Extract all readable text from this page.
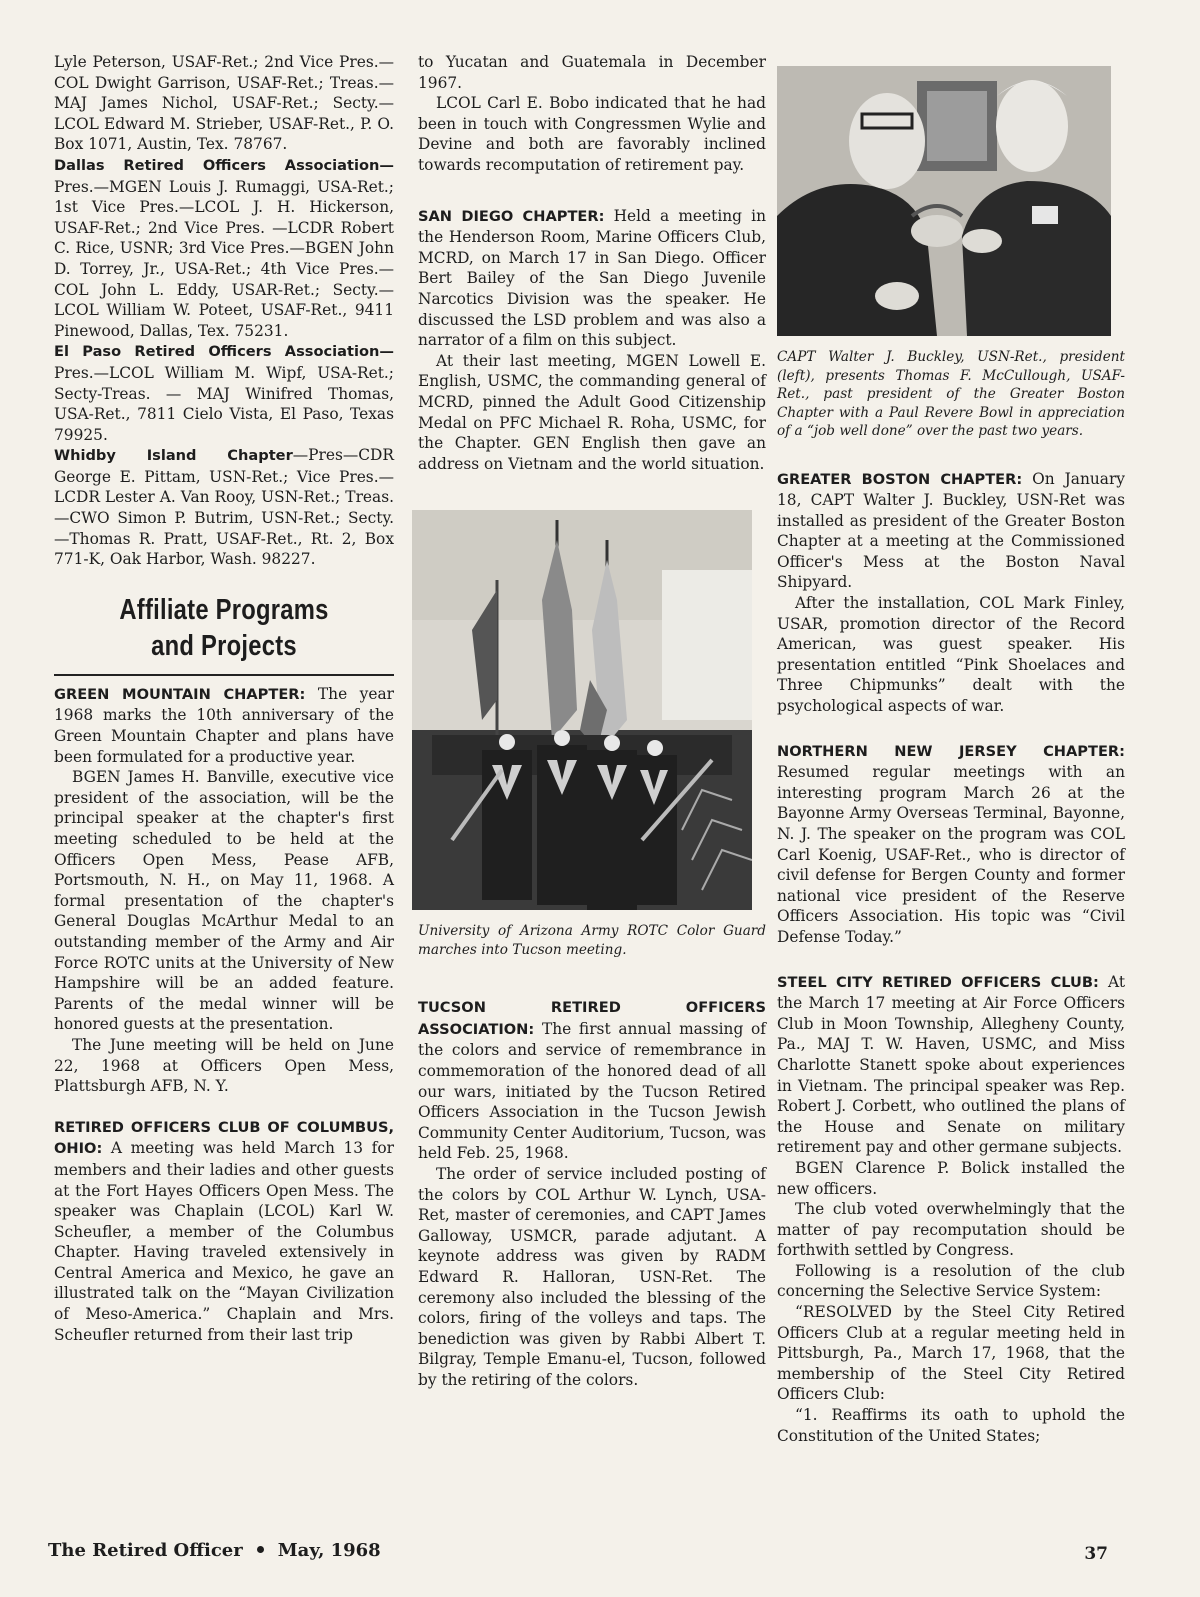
Lyle Peterson, USAF-Ret.; 2nd Vice Pres.—COL Dwight Garrison, USAF-Ret.; Treas.—MAJ James Nichol, USAF-Ret.; Secty.—LCOL Edward M. Strieber, USAF-Ret., P. O. Box 1071, Austin, Tex. 78767.

Dallas Retired Officers Association— Pres.—MGEN Louis J. Rumaggi, USA-Ret.; 1st Vice Pres.—LCOL J. H. Hickerson, USAF-Ret.; 2nd Vice Pres. —LCDR Robert C. Rice, USNR; 3rd Vice Pres.—BGEN John D. Torrey, Jr., USA-Ret.; 4th Vice Pres.—COL John L. Eddy, USAR-Ret.; Secty.—LCOL William W. Poteet, USAF-Ret., 9411 Pinewood, Dallas, Tex. 75231.

El Paso Retired Officers Association— Pres.—LCOL William M. Wipf, USA-Ret.; Secty-Treas. — MAJ Winifred Thomas, USA-Ret., 7811 Cielo Vista, El Paso, Texas 79925.

Whidby Island Chapter—Pres—CDR George E. Pittam, USN-Ret.; Vice Pres.—LCDR Lester A. Van Rooy, USN-Ret.; Treas.—CWO Simon P. Butrim, USN-Ret.; Secty.—Thomas R. Pratt, USAF-Ret., Rt. 2, Box 771-K, Oak Harbor, Wash. 98227.

Affiliate Programs
and Projects

GREEN MOUNTAIN CHAPTER: The year 1968 marks the 10th anniversary of the Green Mountain Chapter and plans have been formulated for a productive year.

BGEN James H. Banville, executive vice president of the association, will be the principal speaker at the chapter's first meeting scheduled to be held at the Officers Open Mess, Pease AFB, Portsmouth, N. H., on May 11, 1968. A formal presentation of the chapter's General Douglas McArthur Medal to an outstanding member of the Army and Air Force ROTC units at the University of New Hampshire will be an added feature. Parents of the medal winner will be honored guests at the presentation.

The June meeting will be held on June 22, 1968 at Officers Open Mess, Plattsburgh AFB, N. Y.

RETIRED OFFICERS CLUB OF COLUMBUS, OHIO: A meeting was held March 13 for members and their ladies and other guests at the Fort Hayes Officers Open Mess. The speaker was Chaplain (LCOL) Karl W. Scheufler, a member of the Columbus Chapter. Having traveled extensively in Central America and Mexico, he gave an illustrated talk on the “Mayan Civilization of Meso-America.” Chaplain and Mrs. Scheufler returned from their last trip

to Yucatan and Guatemala in December 1967.

LCOL Carl E. Bobo indicated that he had been in touch with Congressmen Wylie and Devine and both are favorably inclined towards recomputation of retirement pay.

SAN DIEGO CHAPTER: Held a meeting in the Henderson Room, Marine Officers Club, MCRD, on March 17 in San Diego. Officer Bert Bailey of the San Diego Juvenile Narcotics Division was the speaker. He discussed the LSD problem and was also a narrator of a film on this subject.

At their last meeting, MGEN Lowell E. English, USMC, the commanding general of MCRD, pinned the Adult Good Citizenship Medal on PFC Michael R. Roha, USMC, for the Chapter. GEN English then gave an address on Vietnam and the world situation.

University of Arizona Army ROTC Color Guard marches into Tucson meeting.

TUCSON RETIRED OFFICERS ASSOCIATION: The first annual massing of the colors and service of remembrance in commemoration of the honored dead of all our wars, initiated by the Tucson Retired Officers Association in the Tucson Jewish Community Center Auditorium, Tucson, was held Feb. 25, 1968.

The order of service included posting of the colors by COL Arthur W. Lynch, USA-Ret, master of ceremonies, and CAPT James Galloway, USMCR, parade adjutant. A keynote address was given by RADM Edward R. Halloran, USN-Ret. The ceremony also included the blessing of the colors, firing of the volleys and taps. The benediction was given by Rabbi Albert T. Bilgray, Temple Emanu-el, Tucson, followed by the retiring of the colors.

CAPT Walter J. Buckley, USN-Ret., president (left), presents Thomas F. McCullough, USAF-Ret., past president of the Greater Boston Chapter with a Paul Revere Bowl in appreciation of a “job well done” over the past two years.

GREATER BOSTON CHAPTER: On January 18, CAPT Walter J. Buckley, USN-Ret was installed as president of the Greater Boston Chapter at a meeting at the Commissioned Officer's Mess at the Boston Naval Shipyard.

After the installation, COL Mark Finley, USAR, promotion director of the Record American, was guest speaker. His presentation entitled “Pink Shoelaces and Three Chipmunks” dealt with the psychological aspects of war.

NORTHERN NEW JERSEY CHAPTER: Resumed regular meetings with an interesting program March 26 at the Bayonne Army Overseas Terminal, Bayonne, N. J. The speaker on the program was COL Carl Koenig, USAF-Ret., who is director of civil defense for Bergen County and former national vice president of the Reserve Officers Association. His topic was “Civil Defense Today.”

STEEL CITY RETIRED OFFICERS CLUB: At the March 17 meeting at Air Force Officers Club in Moon Township, Allegheny County, Pa., MAJ T. W. Haven, USMC, and Miss Charlotte Stanett spoke about experiences in Vietnam. The principal speaker was Rep. Robert J. Corbett, who outlined the plans of the House and Senate on military retirement pay and other germane subjects.

BGEN Clarence P. Bolick installed the new officers.

The club voted overwhelmingly that the matter of pay recomputation should be forthwith settled by Congress.

Following is a resolution of the club concerning the Selective Service System:

“RESOLVED by the Steel City Retired Officers Club at a regular meeting held in Pittsburgh, Pa., March 17, 1968, that the membership of the Steel City Retired Officers Club:

“1. Reaffirms its oath to uphold the Constitution of the United States;

The Retired Officer May, 1968	37
